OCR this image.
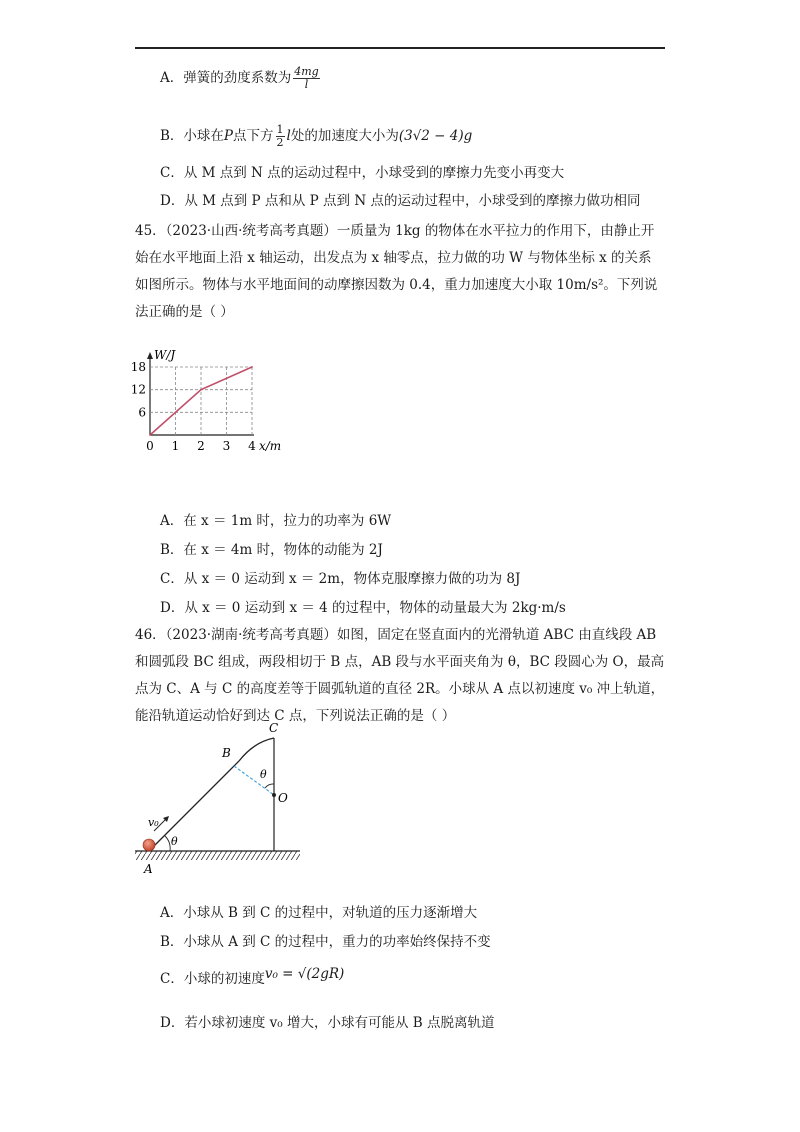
A．弹簧的劲度系数为 $\frac{4mg}{l}$
B．小球在P点下方 $\frac{1}{2}$ l处的加速度大小为(3√2 − 4)g
C．从 M 点到 N 点的运动过程中，小球受到的摩擦力先变小再变大
D．从 M 点到 P 点和从 P 点到 N 点的运动过程中，小球受到的摩擦力做功相同
45．（2023·山西·统考高考真题）一质量为 1kg 的物体在水平拉力的作用下，由静止开
始在水平地面上沿 x 轴运动，出发点为 x 轴零点，拉力做的功 W 与物体坐标 x 的关系
如图所示。物体与水平地面间的动摩擦因数为 0.4，重力加速度大小取 10m/s²。下列说
法正确的是（ ）
6
12
18
0 1 2 3 4 x/m
W/J
A．在 x ＝ 1m 时，拉力的功率为 6W
B．在 x ＝ 4m 时，物体的动能为 2J
C．从 x ＝ 0 运动到 x ＝ 2m，物体克服摩擦力做的功为 8J
D．从 x ＝ 0 运动到 x ＝ 4 的过程中，物体的动量最大为 2kg·m/s
46．（2023·湖南·统考高考真题）如图，固定在竖直面内的光滑轨道 ABC 由直线段 AB
和圆弧段 BC 组成，两段相切于 B 点，AB 段与水平面夹角为 θ，BC 段圆心为 O，最高
点为 C、A 与 C 的高度差等于圆弧轨道的直径 2R。小球从 A 点以初速度 v₀ 冲上轨道，
能沿轨道运动恰好到达 C 点，下列说法正确的是（ ）
C
B
O
θ
θ
v₀
A
A．小球从 B 到 C 的过程中，对轨道的压力逐渐增大
B．小球从 A 到 C 的过程中，重力的功率始终保持不变
C．小球的初速度v₀ = √(2gR)
D．若小球初速度 v₀ 增大，小球有可能从 B 点脱离轨道
